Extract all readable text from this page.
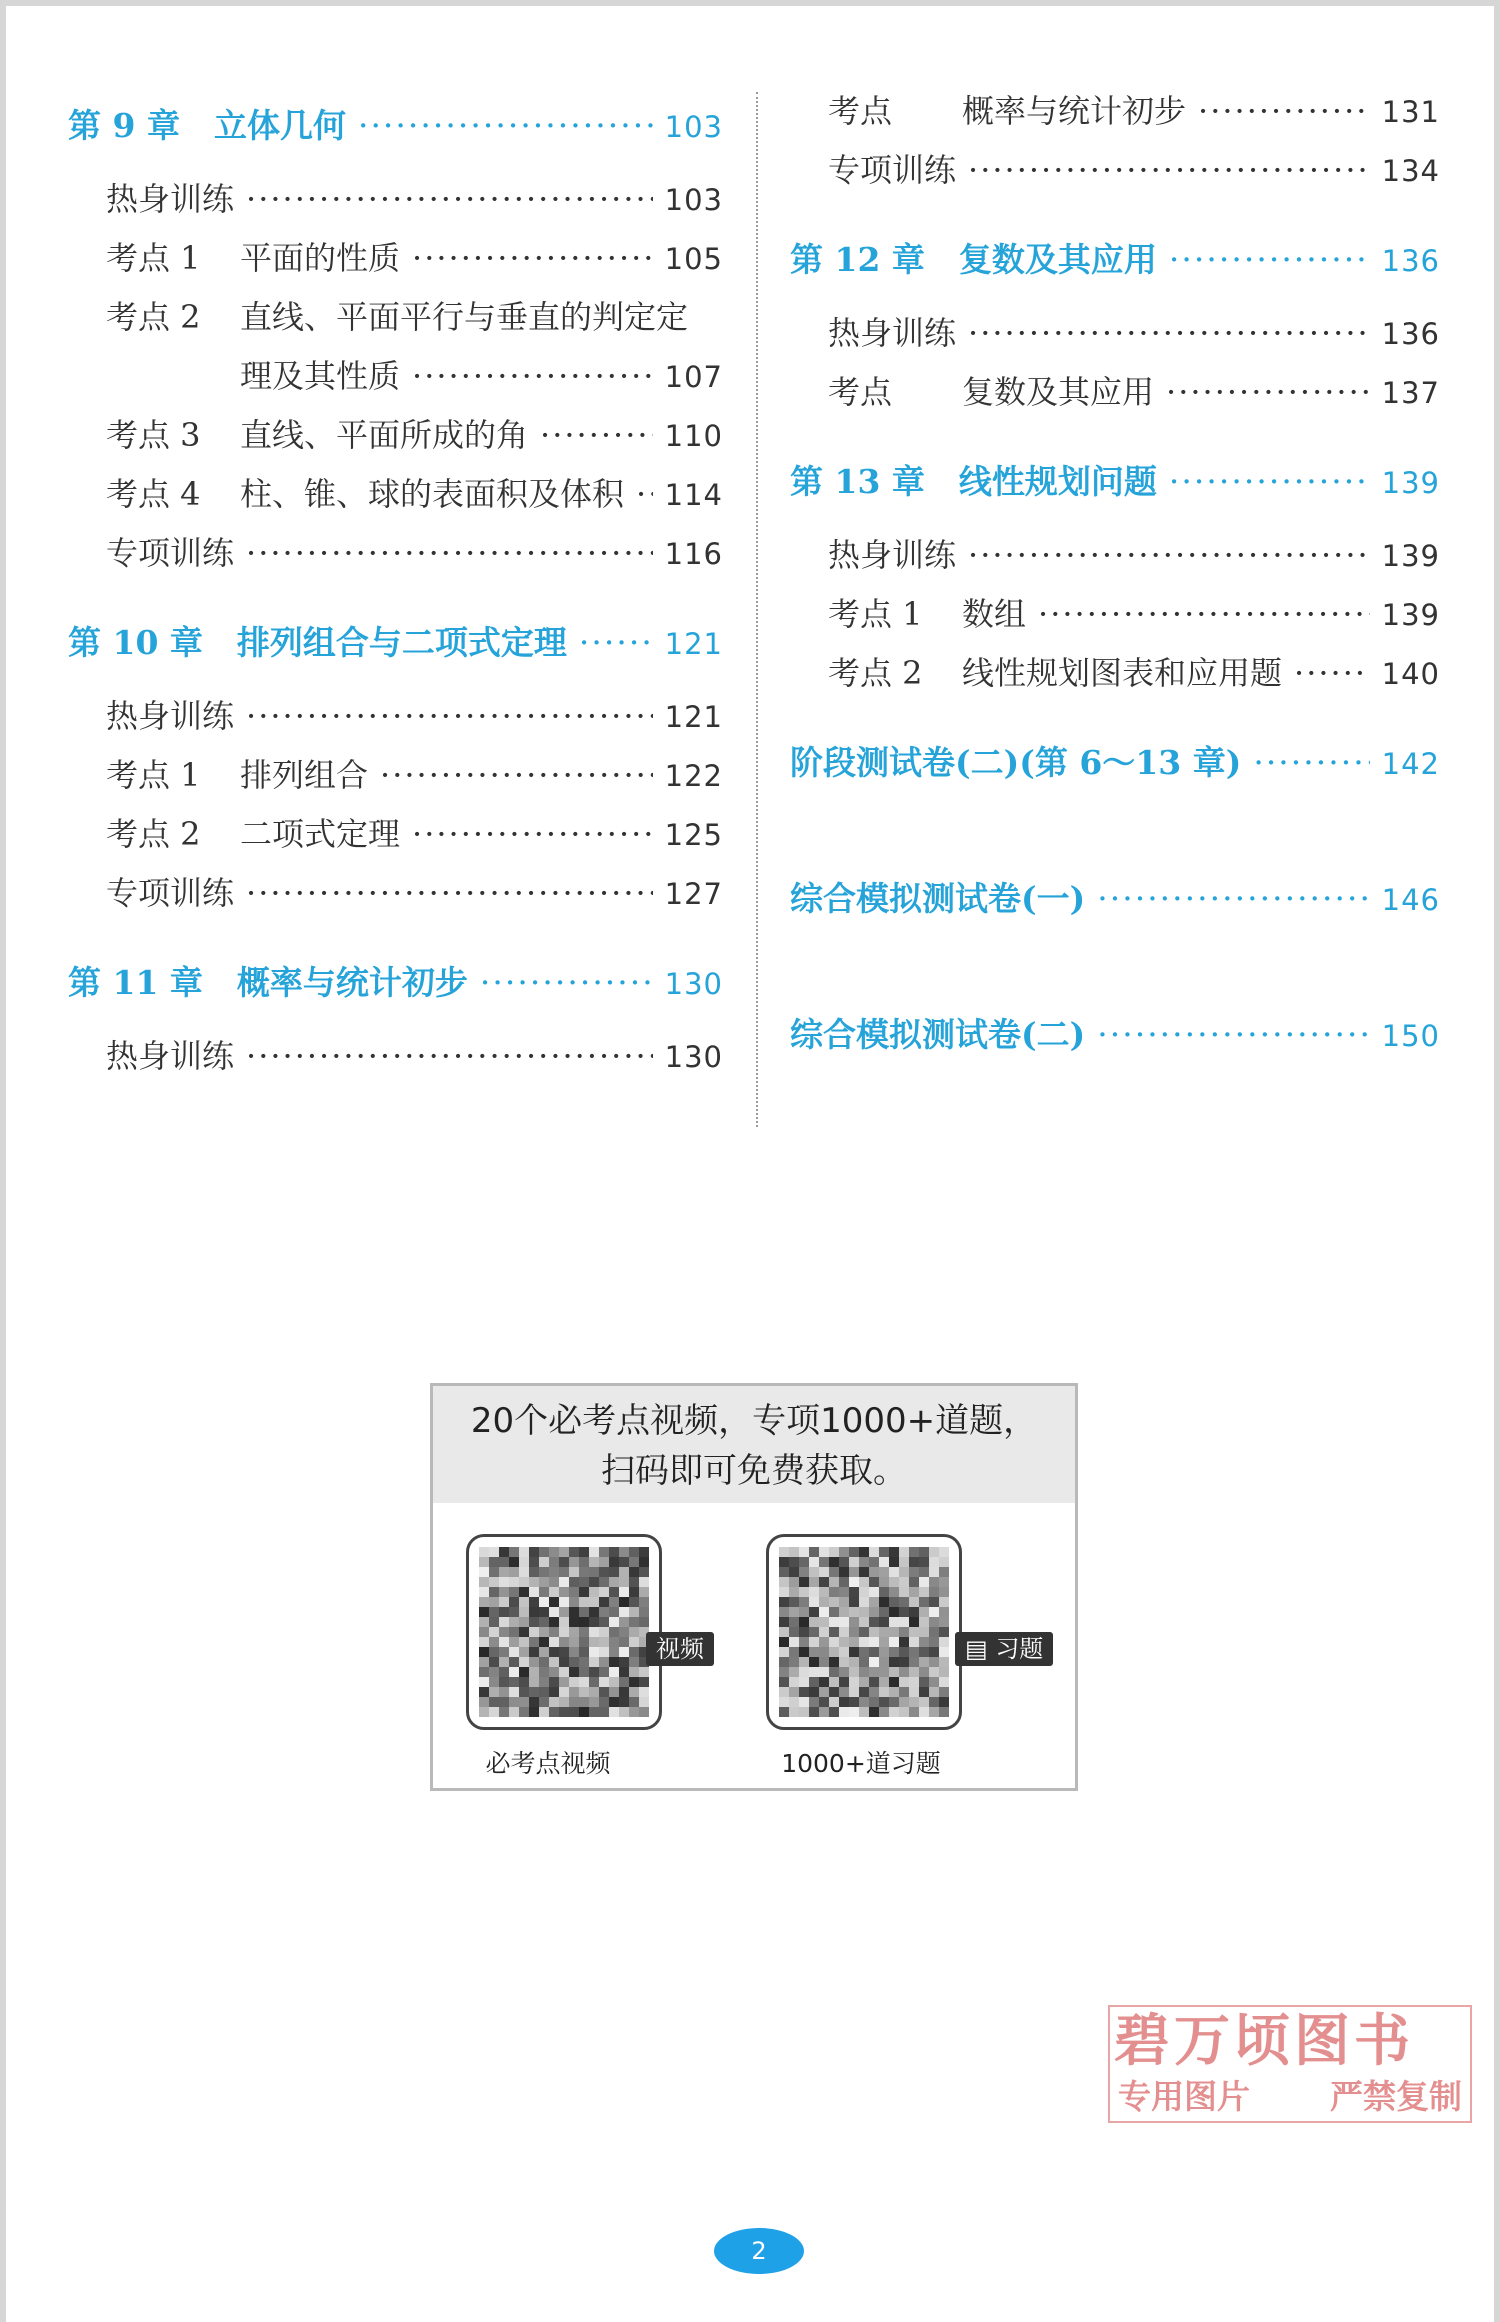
第 9 章 立体几何 ·····	103
热身训练 ·····	103
考点 1	平面的性质 ·····	105
考点 2	直线、平面平行与垂直的判定定
理及其性质 ·····	107
考点 3	直线、平面所成的角 ·····	110
考点 4	柱、锥、球的表面积及体积 ····· 114
专项训练 ·····	116
第 10 章 排列组合与二项式定理 ·····	121
热身训练 ·····	121
考点 1	排列组合 ·····	122
考点 2	二项式定理 ·····	125
专项训练 ·····	127
第 11 章 概率与统计初步 ·····	130
热身训练 ·····	130
考点	概率与统计初步 ·····	131
专项训练 ·····	134
第 12 章 复数及其应用 ·····	136
热身训练 ·····	136
考点	复数及其应用 ·····	137
第 13 章 线性规划问题 ·····	139
热身训练 ·····	139
考点 1	数组 ·····	139
考点 2	线性规划图表和应用题 ·····	140
阶段测试卷(二)(第 6～13 章) ·····	142
综合模拟测试卷(一) ·····	146
综合模拟测试卷(二) ·····	150
20个必考点视频，专项1000+道题，
扫码即可免费获取。
视频
必考点视频
▤ 习题
1000+道习题
碧万顷图书
专用图片 严禁复制
2
